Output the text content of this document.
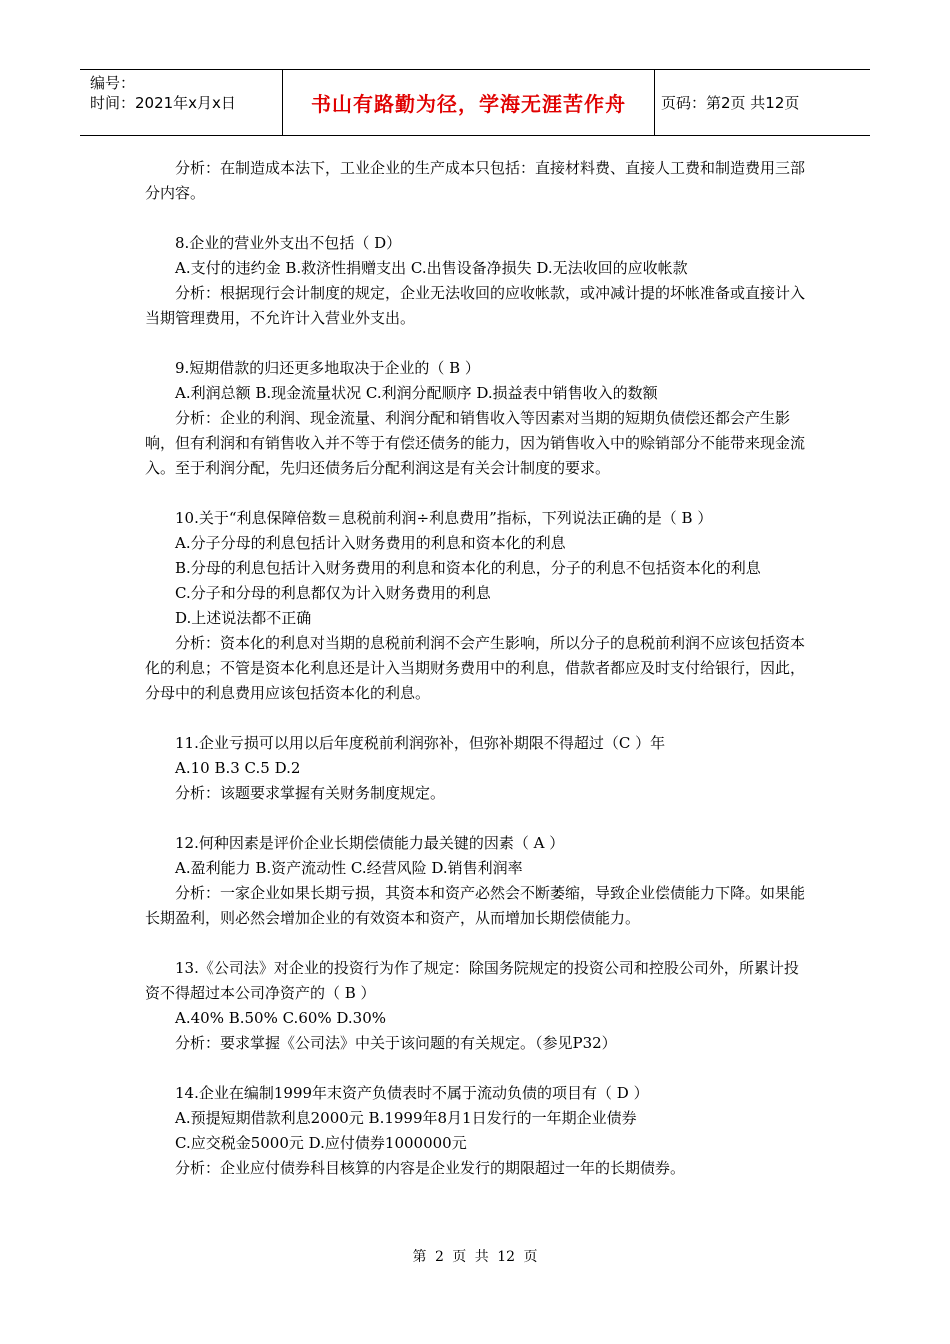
编号：
时间：2021年x月x日	书山有路勤为径，学海无涯苦作舟	页码：第2页 共12页

分析：在制造成本法下，工业企业的生产成本只包括：直接材料费、直接人工费和制造费用三部分内容。

8.企业的营业外支出不包括（ D）

A.支付的违约金 B.救济性捐赠支出 C.出售设备净损失 D.无法收回的应收帐款

分析：根据现行会计制度的规定，企业无法收回的应收帐款，或冲减计提的坏帐准备或直接计入当期管理费用，不允许计入营业外支出。

9.短期借款的归还更多地取决于企业的（ B ）

A.利润总额 B.现金流量状况 C.利润分配顺序 D.损益表中销售收入的数额

分析：企业的利润、现金流量、利润分配和销售收入等因素对当期的短期负债偿还都会产生影响，但有利润和有销售收入并不等于有偿还债务的能力，因为销售收入中的赊销部分不能带来现金流入。至于利润分配，先归还债务后分配利润这是有关会计制度的要求。

10.关于“利息保障倍数＝息税前利润÷利息费用”指标，下列说法正确的是（ B ）

A.分子分母的利息包括计入财务费用的利息和资本化的利息

B.分母的利息包括计入财务费用的利息和资本化的利息，分子的利息不包括资本化的利息

C.分子和分母的利息都仅为计入财务费用的利息

D.上述说法都不正确

分析：资本化的利息对当期的息税前利润不会产生影响，所以分子的息税前利润不应该包括资本化的利息；不管是资本化利息还是计入当期财务费用中的利息，借款者都应及时支付给银行，因此，分母中的利息费用应该包括资本化的利息。

11.企业亏损可以用以后年度税前利润弥补，但弥补期限不得超过（C ）年

A.10 B.3 C.5 D.2

分析：该题要求掌握有关财务制度规定。

12.何种因素是评价企业长期偿债能力最关键的因素（ A ）

A.盈利能力 B.资产流动性 C.经营风险 D.销售利润率

分析：一家企业如果长期亏损，其资本和资产必然会不断萎缩，导致企业偿债能力下降。如果能长期盈利，则必然会增加企业的有效资本和资产，从而增加长期偿债能力。

13.《公司法》对企业的投资行为作了规定：除国务院规定的投资公司和控股公司外，所累计投资不得超过本公司净资产的（ B ）

A.40% B.50% C.60% D.30%

分析：要求掌握《公司法》中关于该问题的有关规定。（参见P32）

14.企业在编制1999年末资产负债表时不属于流动负债的项目有（ D ）

A.预提短期借款利息2000元 B.1999年8月1日发行的一年期企业债券

C.应交税金5000元 D.应付债券1000000元

分析：企业应付债券科目核算的内容是企业发行的期限超过一年的长期债券。

第 2 页 共 12 页
